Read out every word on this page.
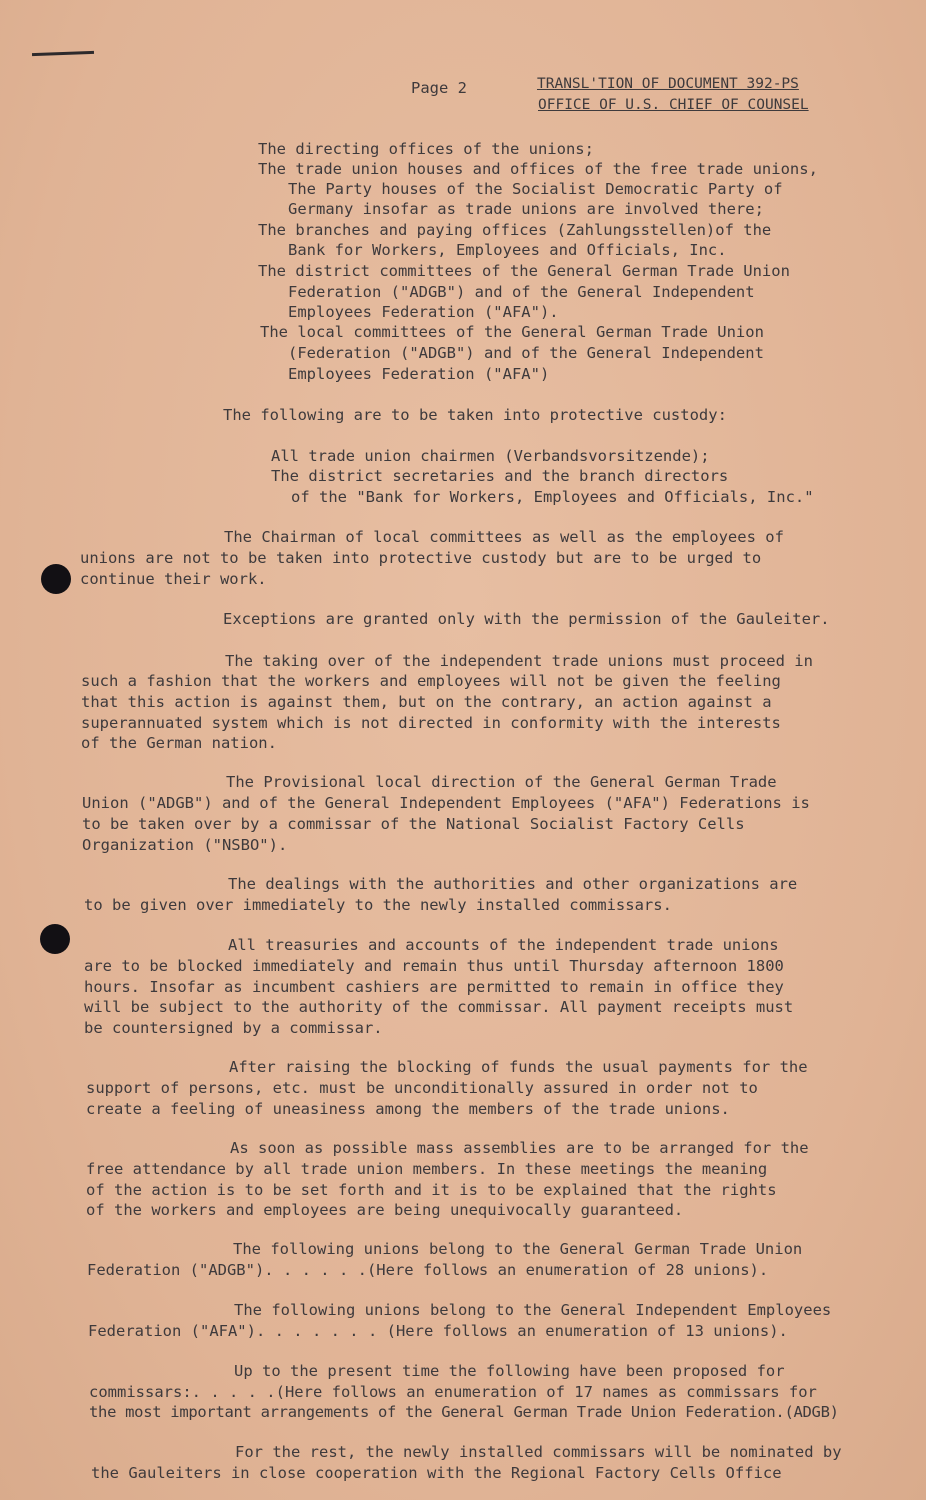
Page 2	TRANSL'TION OF DOCUMENT 392-PS
OFFICE OF U.S. CHIEF OF COUNSEL
The directing offices of the unions;
The trade union houses and offices of the free trade unions,
The Party houses of the Socialist Democratic Party of
Germany insofar as trade unions are involved there;
The branches and paying offices (Zahlungsstellen)of the
Bank for Workers, Employees and Officials, Inc.
The district committees of the General German Trade Union
Federation ("ADGB") and of the General Independent
Employees Federation ("AFA").
The local committees of the General German Trade Union
(Federation ("ADGB") and of the General Independent
Employees Federation ("AFA")
The following are to be taken into protective custody:
All trade union chairmen (Verbandsvorsitzende);
The district secretaries and the branch directors
of the "Bank for Workers, Employees and Officials, Inc."
The Chairman of local committees as well as the employees of
unions are not to be taken into protective custody but are to be urged to
continue their work.
Exceptions are granted only with the permission of the Gauleiter.
The taking over of the independent trade unions must proceed in
such a fashion that the workers and employees will not be given the feeling
that this action is against them, but on the contrary, an action against a
superannuated system which is not directed in conformity with the interests
of the German nation.
The Provisional local direction of the General German Trade
Union ("ADGB") and of the General Independent Employees ("AFA") Federations is
to be taken over by a commissar of the National Socialist Factory Cells
Organization ("NSBO").
The dealings with the authorities and other organizations are
to be given over immediately to the newly installed commissars.
All treasuries and accounts of the independent trade unions
are to be blocked immediately and remain thus until Thursday afternoon 1800
hours. Insofar as incumbent cashiers are permitted to remain in office they
will be subject to the authority of the commissar. All payment receipts must
be countersigned by a commissar.
After raising the blocking of funds the usual payments for the
support of persons, etc. must be unconditionally assured in order not to
create a feeling of uneasiness among the members of the trade unions.
As soon as possible mass assemblies are to be arranged for the
free attendance by all trade union members. In these meetings the meaning
of the action is to be set forth and it is to be explained that the rights
of the workers and employees are being unequivocally guaranteed.
The following unions belong to the General German Trade Union
Federation ("ADGB"). . . . . .(Here follows an enumeration of 28 unions).
The following unions belong to the General Independent Employees
Federation ("AFA"). . . . . . . (Here follows an enumeration of 13 unions).
Up to the present time the following have been proposed for
commissars:. . . . .(Here follows an enumeration of 17 names as commissars for
the most important arrangements of the General German Trade Union Federation.(ADGB)
For the rest, the newly installed commissars will be nominated by
the Gauleiters in close cooperation with the Regional Factory Cells Office
